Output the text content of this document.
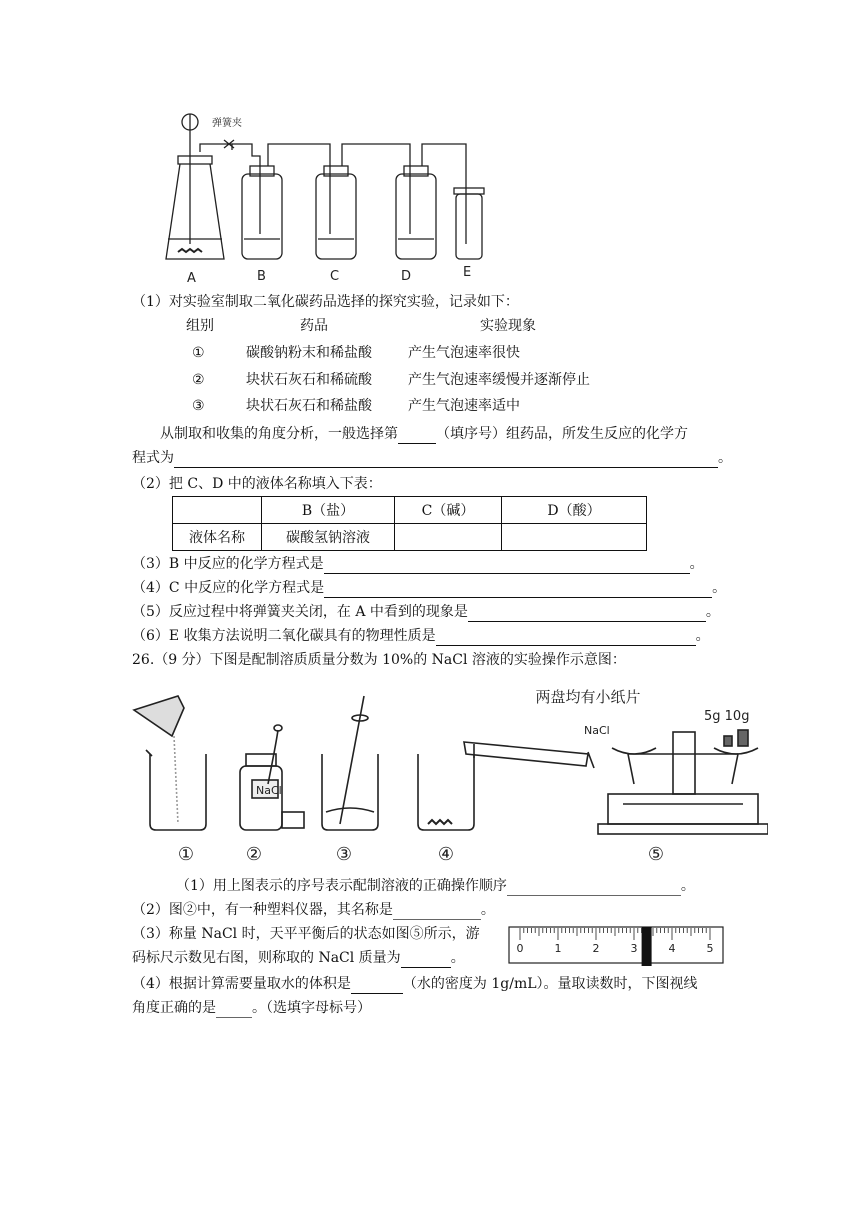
弹簧夹
A	B	C	D	E
（1）对实验室制取二氧化碳药品选择的探究实验，记录如下：
组别	药品	实验现象
①	碳酸钠粉末和稀盐酸	产生气泡速率很快
②	块状石灰石和稀硫酸	产生气泡速率缓慢并逐渐停止
③	块状石灰石和稀盐酸	产生气泡速率适中
从制取和收集的角度分析，一般选择第	（填序号）组药品，所发生反应的化学方
程式为	。
（2）把 C、D 中的液体名称填入下表：
	B（盐）	C（碱）	D（酸）
液体名称	碳酸氢钠溶液		
（3）B 中反应的化学方程式是	。
（4）C 中反应的化学方程式是	。
（5）反应过程中将弹簧夹关闭，在 A 中看到的现象是	。
（6）E 收集方法说明二氧化碳具有的物理性质是	。
26.（9 分）下图是配制溶质质量分数为 10%的 NaCl 溶液的实验操作示意图：
NaCl
NaCl
两盘均有小纸片
5g 10g
①	②	③	④	⑤
（1）用上图表示的序号表示配制溶液的正确操作顺序	。
（2）图②中，有一种塑料仪器，其名称是	。
（3）称量 NaCl 时，天平平衡后的状态如图⑤所示，游
码标尺示数见右图，则称取的 NaCl 质量为	。
0	1	2	3	4	5
（4）根据计算需要量取水的体积是	（水的密度为 1g/mL）。量取读数时，下图视线
角度正确的是	。（选填字母标号）
